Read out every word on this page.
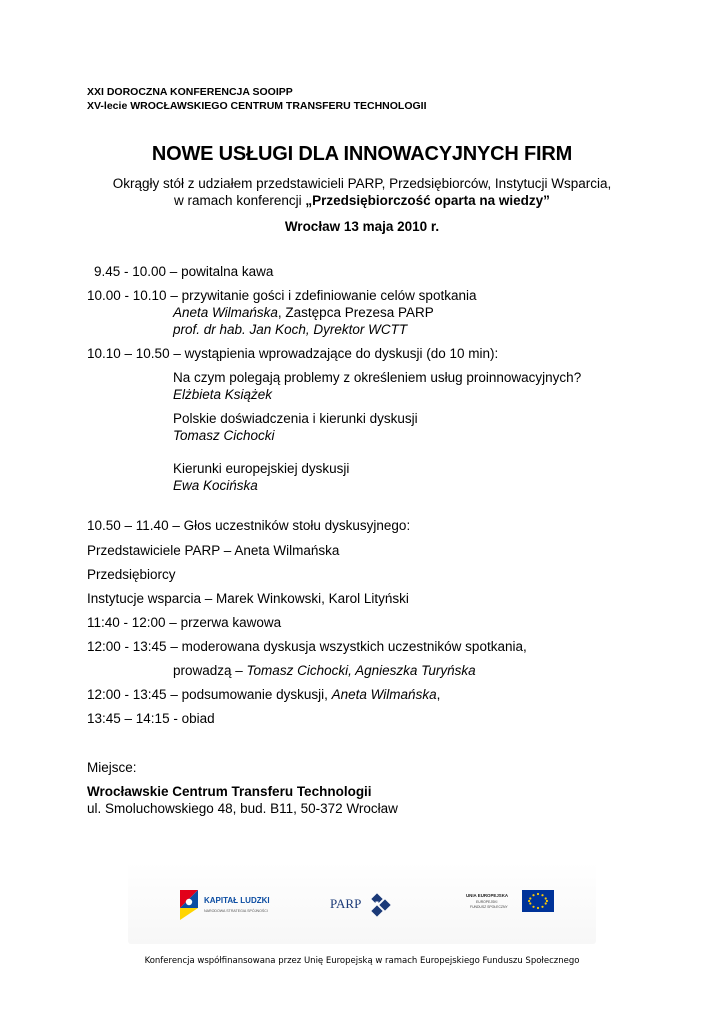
XXI DOROCZNA KONFERENCJA SOOIPP
XV-lecie WROCŁAWSKIEGO CENTRUM TRANSFERU TECHNOLOGII
NOWE USŁUGI DLA INNOWACYJNYCH FIRM
Okrągły stół z udziałem przedstawicieli PARP, Przedsiębiorców, Instytucji Wsparcia,
w ramach konferencji „Przedsiębiorczość oparta na wiedzy”
Wrocław 13 maja 2010 r.
9.45 - 10.00 – powitalna kawa
10.00 - 10.10 – przywitanie gości i zdefiniowanie celów spotkania
Aneta Wilmańska, Zastępca Prezesa PARP
prof. dr hab. Jan Koch, Dyrektor WCTT
10.10 – 10.50 – wystąpienia wprowadzające do dyskusji (do 10 min):
Na czym polegają problemy z określeniem usług proinnowacyjnych?
Elżbieta Książek
Polskie doświadczenia i kierunki dyskusji
Tomasz Cichocki
Kierunki europejskiej dyskusji
Ewa Kocińska
10.50 – 11.40 – Głos uczestników stołu dyskusyjnego:
Przedstawiciele PARP – Aneta Wilmańska
Przedsiębiorcy
Instytucje wsparcia – Marek Winkowski, Karol Lityński
11:40 - 12:00 – przerwa kawowa
12:00 - 13:45 – moderowana dyskusja wszystkich uczestników spotkania,
prowadzą – Tomasz Cichocki, Agnieszka Turyńska
12:00 - 13:45 – podsumowanie dyskusji, Aneta Wilmańska,
13:45 – 14:15 - obiad
Miejsce:
Wrocławskie Centrum Transferu Technologii
ul. Smoluchowskiego 48, bud. B11, 50-372 Wrocław
KAPITAŁ LUDZKI
NARODOWA STRATEGIA SPÓJNOŚCI	PARP
UNIA EUROPEJSKA
EUROPEJSKI
FUNDUSZ SPOŁECZNY
Konferencja współfinansowana przez Unię Europejską w ramach Europejskiego Funduszu Społecznego
